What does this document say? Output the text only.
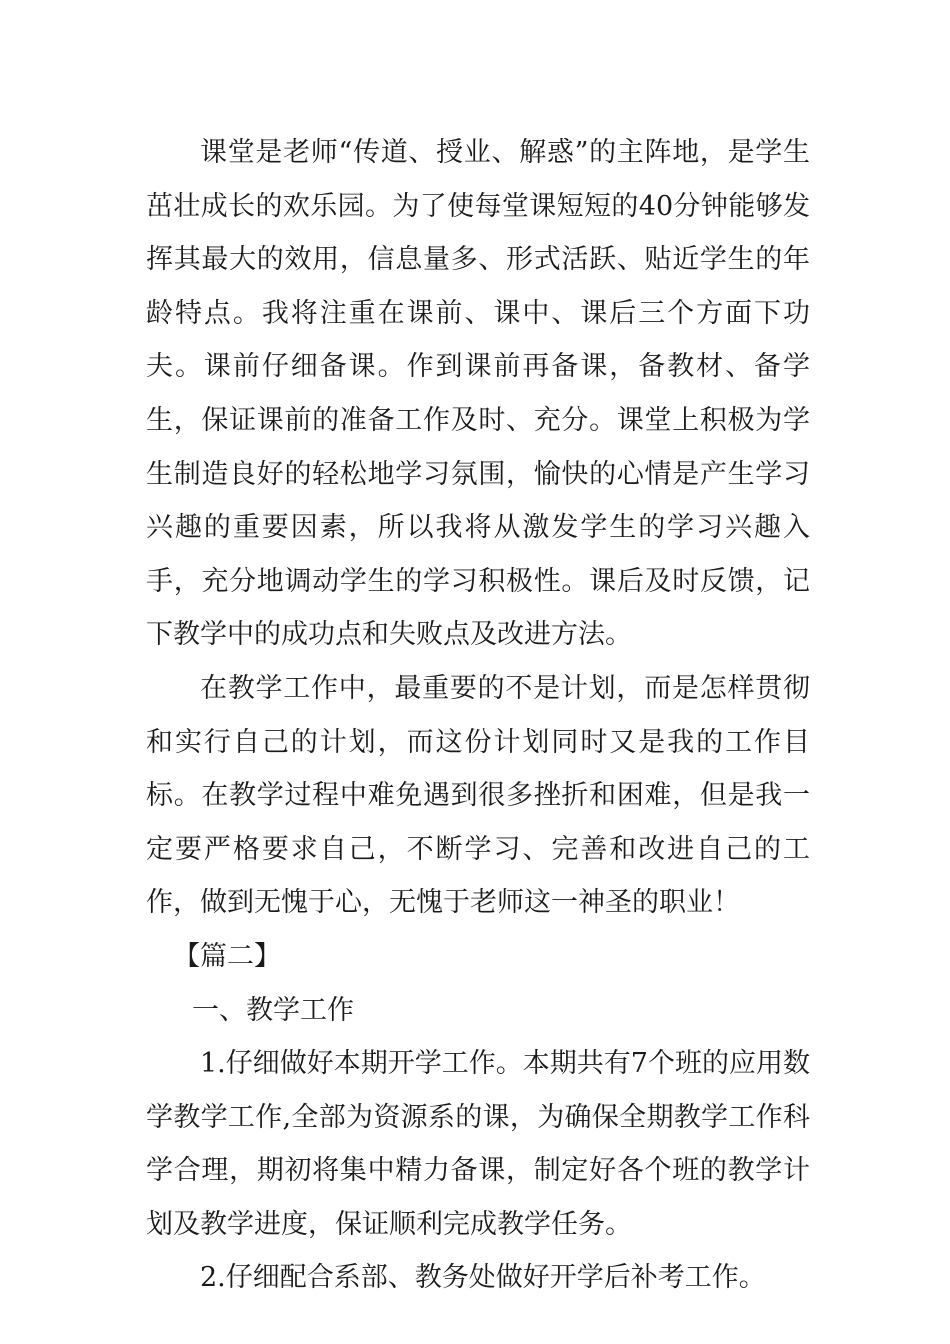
课堂是老师“传道、授业、解惑”的主阵地，是学生茁壮成长的欢乐园。为了使每堂课短短的40分钟能够发挥其最大的效用，信息量多、形式活跃、贴近学生的年龄特点。我将注重在课前、课中、课后三个方面下功夫。课前仔细备课。作到课前再备课，备教材、备学生，保证课前的准备工作及时、充分。课堂上积极为学生制造良好的轻松地学习氛围，愉快的心情是产生学习兴趣的重要因素，所以我将从激发学生的学习兴趣入手，充分地调动学生的学习积极性。课后及时反馈，记下教学中的成功点和失败点及改进方法。

在教学工作中，最重要的不是计划，而是怎样贯彻和实行自己的计划，而这份计划同时又是我的工作目标。在教学过程中难免遇到很多挫折和困难，但是我一定要严格要求自己，不断学习、完善和改进自己的工作，做到无愧于心，无愧于老师这一神圣的职业！

【篇二】

一、教学工作

1.仔细做好本期开学工作。本期共有7个班的应用数学教学工作,全部为资源系的课，为确保全期教学工作科学合理，期初将集中精力备课，制定好各个班的教学计划及教学进度，保证顺利完成教学任务。

2.仔细配合系部、教务处做好开学后补考工作。
